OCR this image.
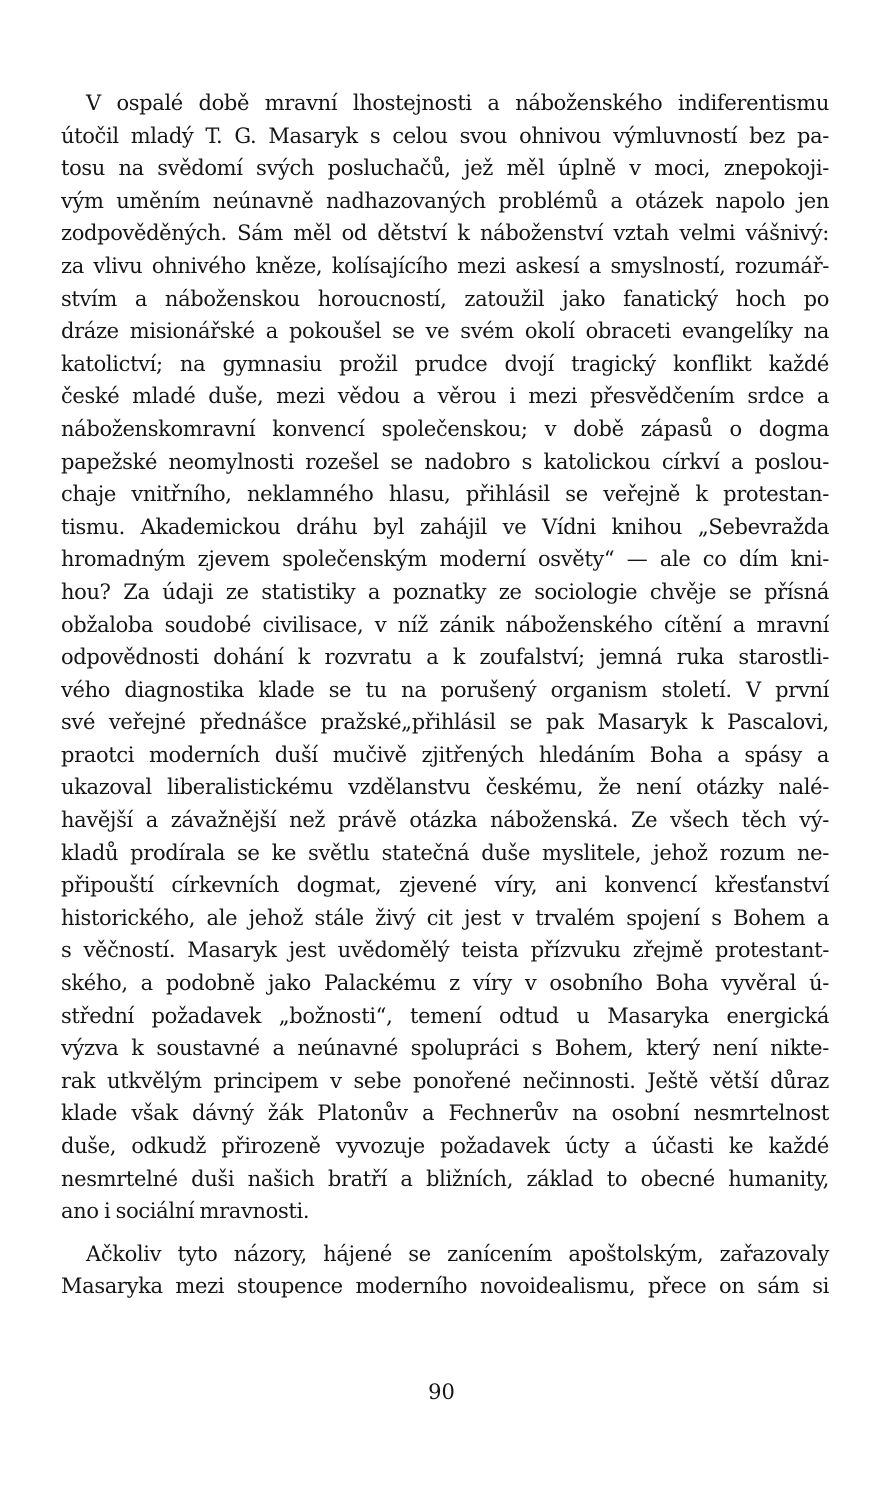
V ospalé době mravní lhostejnosti a náboženského indiferentismu
útočil mladý T. G. Masaryk s celou svou ohnivou výmluvností bez pa-
tosu na svědomí svých posluchačů, jež měl úplně v moci, znepokoji-
vým uměním neúnavně nadhazovaných problémů a otázek napolo jen
zodpověděných. Sám měl od dětství k náboženství vztah velmi vášnivý:
za vlivu ohnivého kněze, kolísajícího mezi askesí a smyslností, rozumář-
stvím a náboženskou horoucností, zatoužil jako fanatický hoch po
dráze misionářské a pokoušel se ve svém okolí obraceti evangelíky na
katolictví; na gymnasiu prožil prudce dvojí tragický konflikt každé
české mladé duše, mezi vědou a věrou i mezi přesvědčením srdce a
náboženskomravní konvencí společenskou; v době zápasů o dogma
papežské neomylnosti rozešel se nadobro s katolickou církví a poslou-
chaje vnitřního, neklamného hlasu, přihlásil se veřejně k protestan-
tismu. Akademickou dráhu byl zahájil ve Vídni knihou „Sebevražda
hromadným zjevem společenským moderní osvěty“ — ale co dím kni-
hou? Za údaji ze statistiky a poznatky ze sociologie chvěje se přísná
obžaloba soudobé civilisace, v níž zánik náboženského cítění a mravní
odpovědnosti dohání k rozvratu a k zoufalství; jemná ruka starostli-
vého diagnostika klade se tu na porušený organism století. V první
své veřejné přednášce pražské„přihlásil se pak Masaryk k Pascalovi,
praotci moderních duší mučivě zjitřených hledáním Boha a spásy a
ukazoval liberalistickému vzdělanstvu českému, že není otázky nalé-
havější a závažnější než právě otázka náboženská. Ze všech těch vý-
kladů prodírala se ke světlu statečná duše myslitele, jehož rozum ne-
připouští církevních dogmat, zjevené víry, ani konvencí křesťanství
historického, ale jehož stále živý cit jest v trvalém spojení s Bohem a
s věčností. Masaryk jest uvědomělý teista přízvuku zřejmě protestant-
ského, a podobně jako Palackému z víry v osobního Boha vyvěral ú-
střední požadavek „božnosti“, temení odtud u Masaryka energická
výzva k soustavné a neúnavné spolupráci s Bohem, který není nikte-
rak utkvělým principem v sebe ponořené nečinnosti. Ještě větší důraz
klade však dávný žák Platonův a Fechnerův na osobní nesmrtelnost
duše, odkudž přirozeně vyvozuje požadavek úcty a účasti ke každé
nesmrtelné duši našich bratří a bližních, základ to obecné humanity,
ano i sociální mravnosti.
Ačkoliv tyto názory, hájené se zanícením apoštolským, zařazovaly
Masaryka mezi stoupence moderního novoidealismu, přece on sám si
90
